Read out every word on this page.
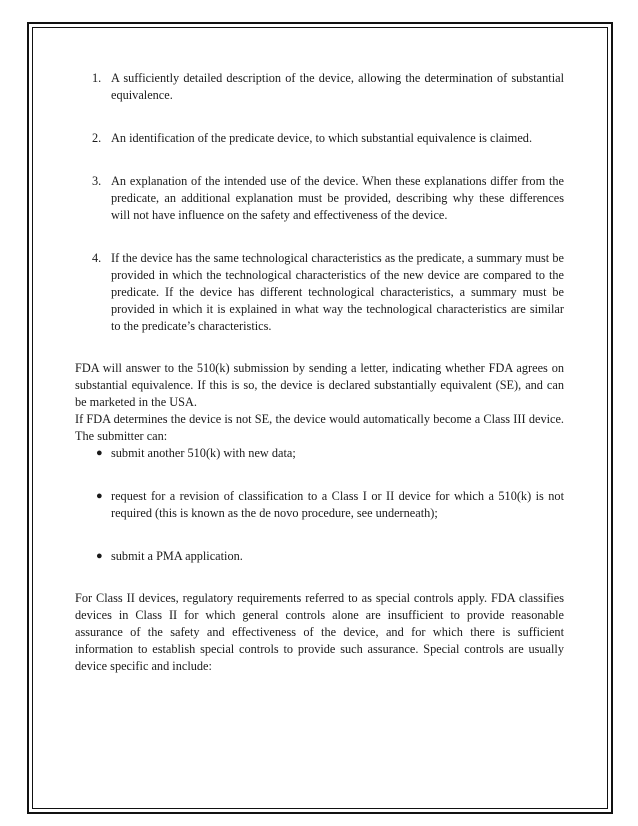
1. A sufficiently detailed description of the device, allowing the determination of substantial equivalence.
2. An identification of the predicate device, to which substantial equivalence is claimed.
3. An explanation of the intended use of the device. When these explanations differ from the predicate, an additional explanation must be provided, describing why these differences will not have influence on the safety and effectiveness of the device.
4. If the device has the same technological characteristics as the predicate, a summary must be provided in which the technological characteristics of the new device are compared to the predicate. If the device has different technological characteristics, a summary must be provided in which it is explained in what way the technological characteristics are similar to the predicate’s characteristics.

FDA will answer to the 510(k) submission by sending a letter, indicating whether FDA agrees on substantial equivalence. If this is so, the device is declared substantially equivalent (SE), and can be marketed in the USA.

If FDA determines the device is not SE, the device would automatically become a Class III device. The submitter can:

● submit another 510(k) with new data;
● request for a revision of classification to a Class I or II device for which a 510(k) is not required (this is known as the de novo procedure, see underneath);
● submit a PMA application.

For Class II devices, regulatory requirements referred to as special controls apply. FDA classifies devices in Class II for which general controls alone are insufficient to provide reasonable assurance of the safety and effectiveness of the device, and for which there is sufficient information to establish special controls to provide such assurance. Special controls are usually device specific and include:
